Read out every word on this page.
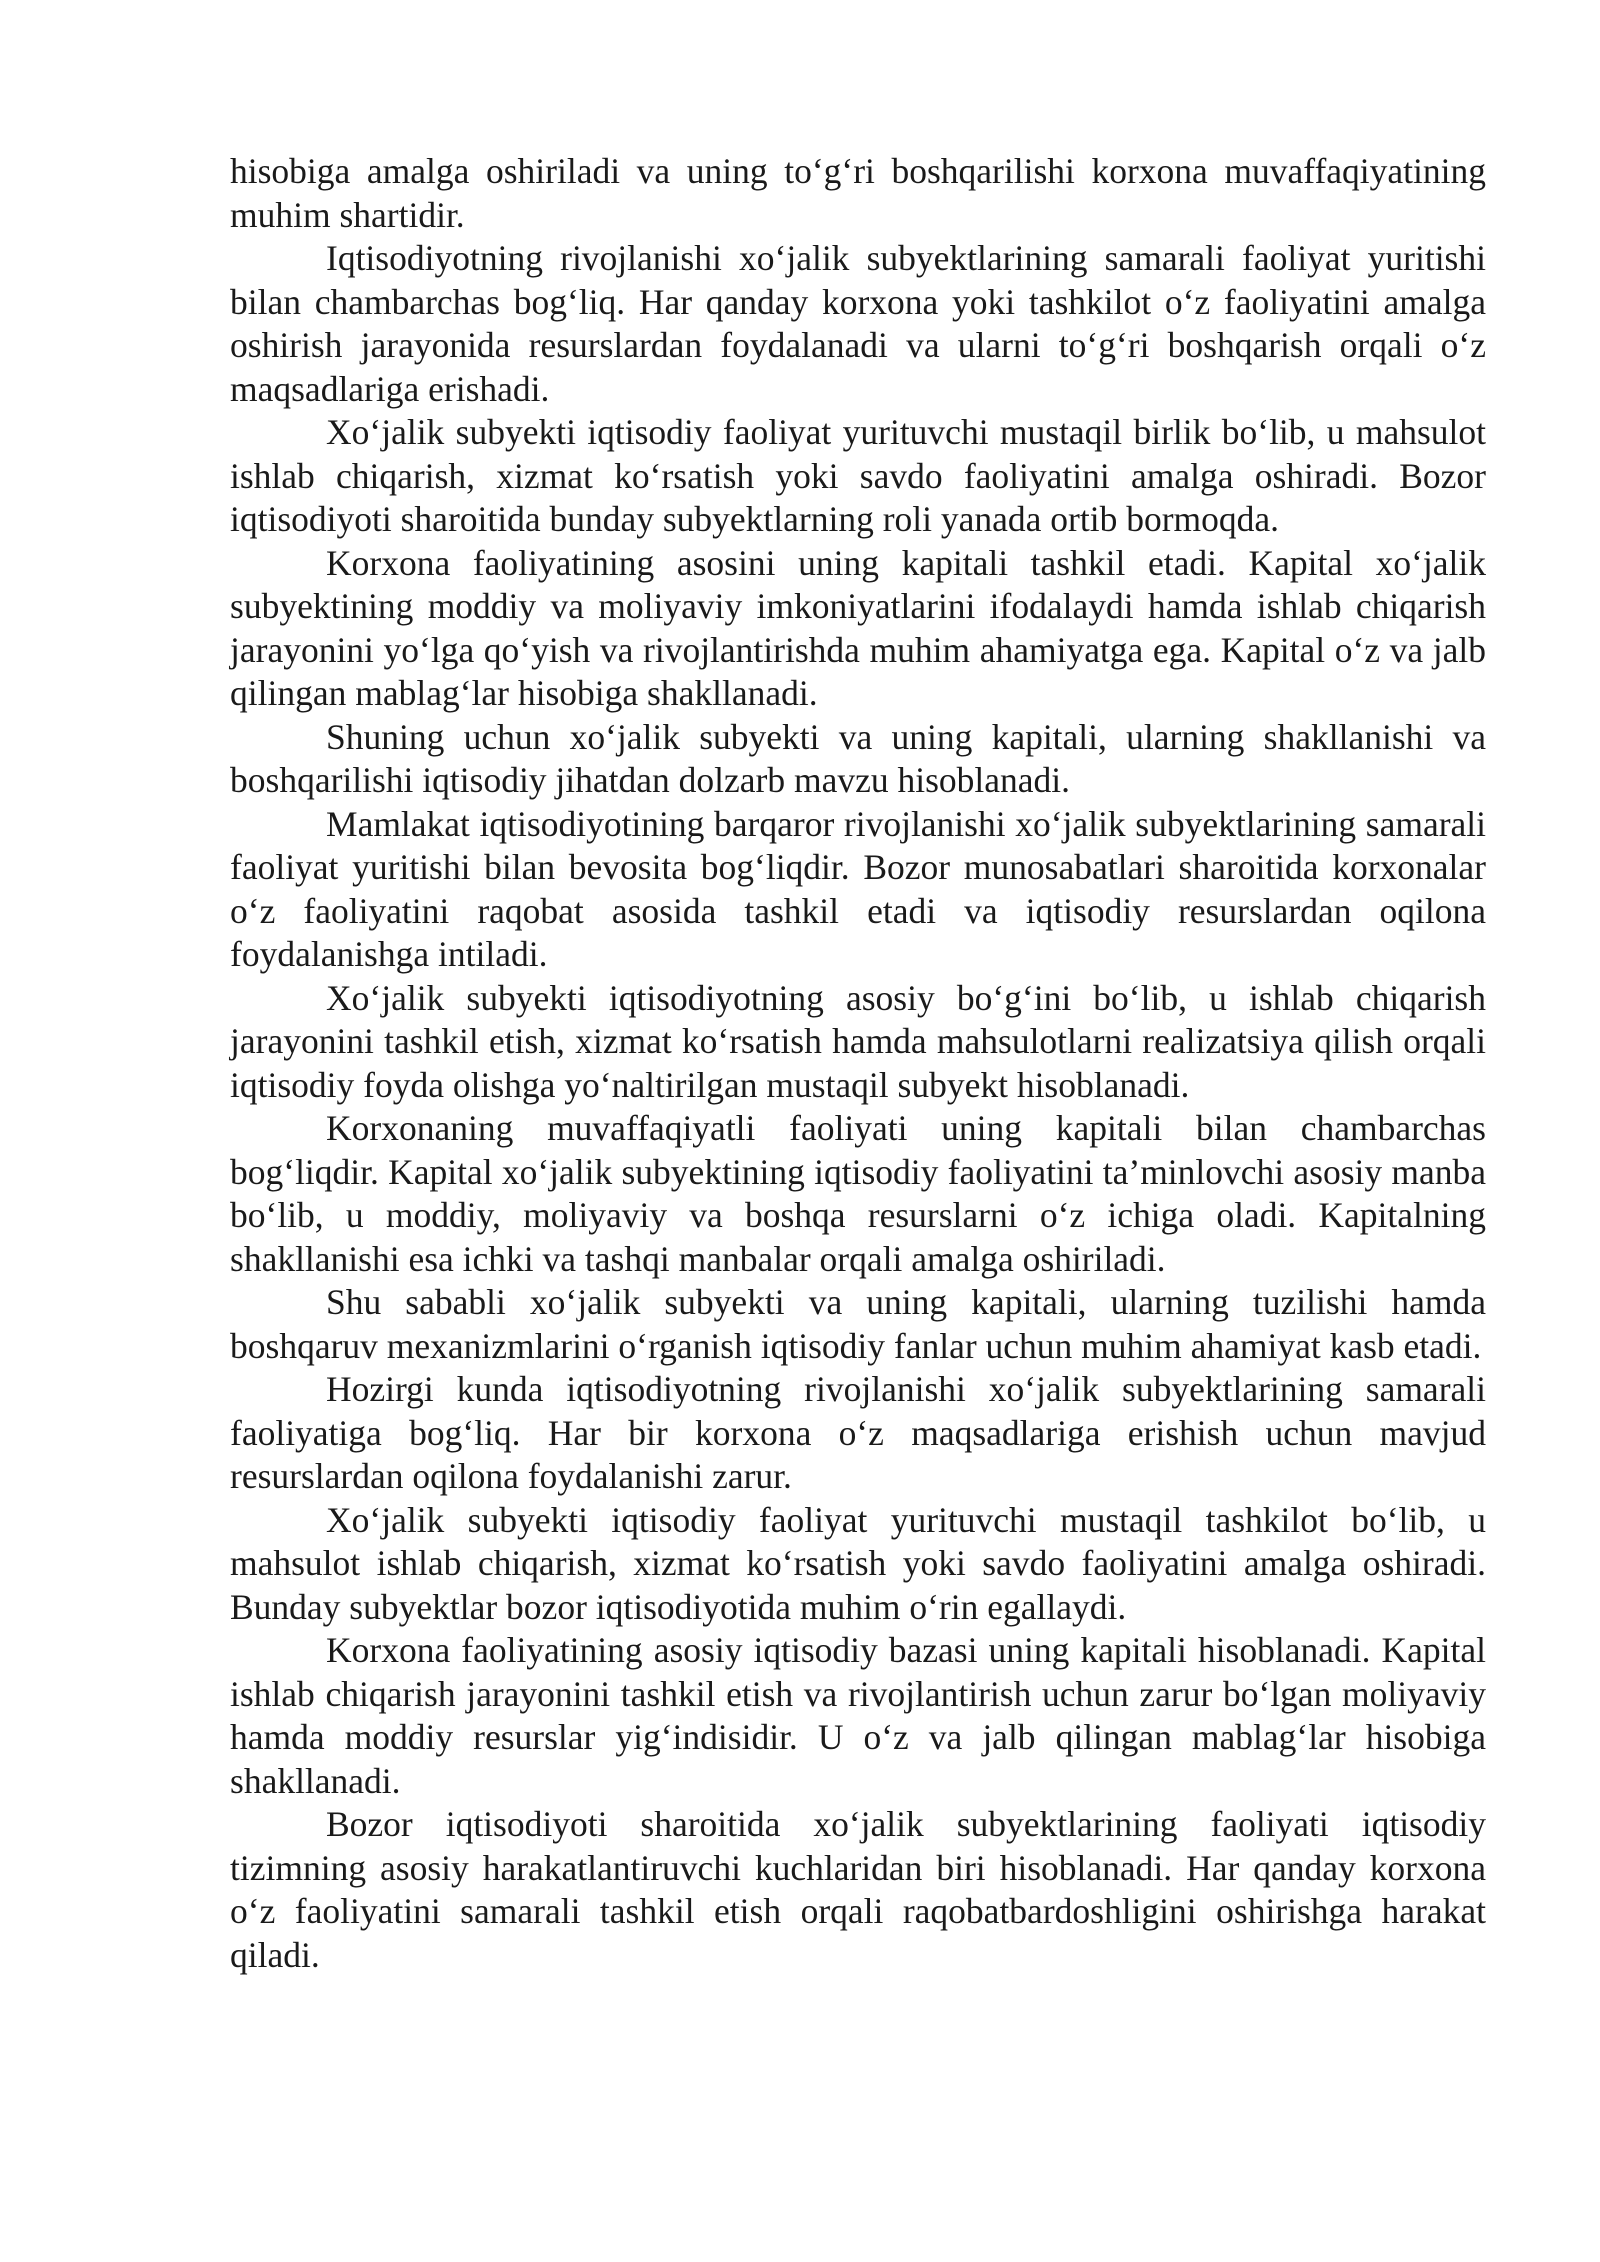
hisobiga amalga oshiriladi va uning to‘g‘ri boshqarilishi korxona muvaffaqiyatining muhim shartidir.

Iqtisodiyotning rivojlanishi xo‘jalik subyektlarining samarali faoliyat yuritishi bilan chambarchas bog‘liq. Har qanday korxona yoki tashkilot o‘z faoliyatini amalga oshirish jarayonida resurslardan foydalanadi va ularni to‘g‘ri boshqarish orqali o‘z maqsadlariga erishadi.

Xo‘jalik subyekti iqtisodiy faoliyat yurituvchi mustaqil birlik bo‘lib, u mahsulot ishlab chiqarish, xizmat ko‘rsatish yoki savdo faoliyatini amalga oshiradi. Bozor iqtisodiyoti sharoitida bunday subyektlarning roli yanada ortib bormoqda.

Korxona faoliyatining asosini uning kapitali tashkil etadi. Kapital xo‘jalik subyektining moddiy va moliyaviy imkoniyatlarini ifodalaydi hamda ishlab chiqarish jarayonini yo‘lga qo‘yish va rivojlantirishda muhim ahamiyatga ega. Kapital o‘z va jalb qilingan mablag‘lar hisobiga shakllanadi.

Shuning uchun xo‘jalik subyekti va uning kapitali, ularning shakllanishi va boshqarilishi iqtisodiy jihatdan dolzarb mavzu hisoblanadi.

Mamlakat iqtisodiyotining barqaror rivojlanishi xo‘jalik subyektlarining samarali faoliyat yuritishi bilan bevosita bog‘liqdir. Bozor munosabatlari sharoitida korxonalar o‘z faoliyatini raqobat asosida tashkil etadi va iqtisodiy resurslardan oqilona foydalanishga intiladi.

Xo‘jalik subyekti iqtisodiyotning asosiy bo‘g‘ini bo‘lib, u ishlab chiqarish jarayonini tashkil etish, xizmat ko‘rsatish hamda mahsulotlarni realizatsiya qilish orqali iqtisodiy foyda olishga yo‘naltirilgan mustaqil subyekt hisoblanadi.

Korxonaning muvaffaqiyatli faoliyati uning kapitali bilan chambarchas bog‘liqdir. Kapital xo‘jalik subyektining iqtisodiy faoliyatini ta’minlovchi asosiy manba bo‘lib, u moddiy, moliyaviy va boshqa resurslarni o‘z ichiga oladi. Kapitalning shakllanishi esa ichki va tashqi manbalar orqali amalga oshiriladi.

Shu sababli xo‘jalik subyekti va uning kapitali, ularning tuzilishi hamda boshqaruv mexanizmlarini o‘rganish iqtisodiy fanlar uchun muhim ahamiyat kasb etadi.

Hozirgi kunda iqtisodiyotning rivojlanishi xo‘jalik subyektlarining samarali faoliyatiga bog‘liq. Har bir korxona o‘z maqsadlariga erishish uchun mavjud resurslardan oqilona foydalanishi zarur.

Xo‘jalik subyekti iqtisodiy faoliyat yurituvchi mustaqil tashkilot bo‘lib, u mahsulot ishlab chiqarish, xizmat ko‘rsatish yoki savdo faoliyatini amalga oshiradi. Bunday subyektlar bozor iqtisodiyotida muhim o‘rin egallaydi.

Korxona faoliyatining asosiy iqtisodiy bazasi uning kapitali hisoblanadi. Kapital ishlab chiqarish jarayonini tashkil etish va rivojlantirish uchun zarur bo‘lgan moliyaviy hamda moddiy resurslar yig‘indisidir. U o‘z va jalb qilingan mablag‘lar hisobiga shakllanadi.

Bozor iqtisodiyoti sharoitida xo‘jalik subyektlarining faoliyati iqtisodiy tizimning asosiy harakatlantiruvchi kuchlaridan biri hisoblanadi. Har qanday korxona o‘z faoliyatini samarali tashkil etish orqali raqobatbardoshligini oshirishga harakat qiladi.
